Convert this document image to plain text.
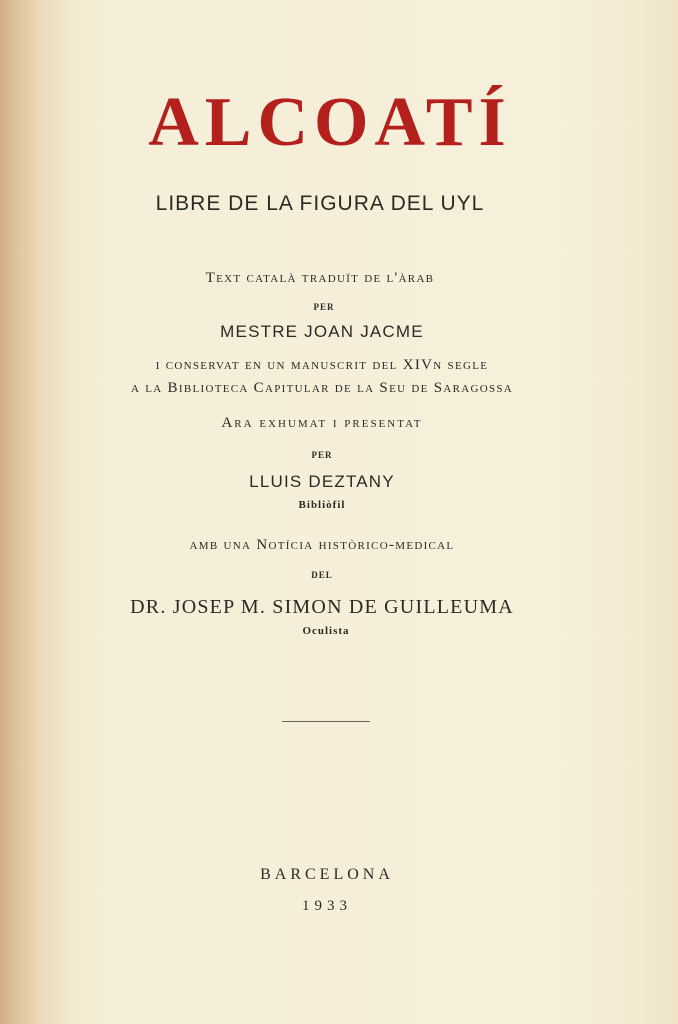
ALCOATÍ

LIBRE DE LA FIGURA DEL UYL

Text català traduït de l'àrab

PER

MESTRE JOAN JACME

i conservat en un manuscrit del XIVn segle

a la Biblioteca Capitular de la Seu de Saragossa

Ara exhumat i presentat

PER

LLUIS DEZTANY

Bibliòfil

amb una Notícia històrico-medical

DEL

DR. JOSEP M. SIMON DE GUILLEUMA

Oculista

BARCELONA

1933
